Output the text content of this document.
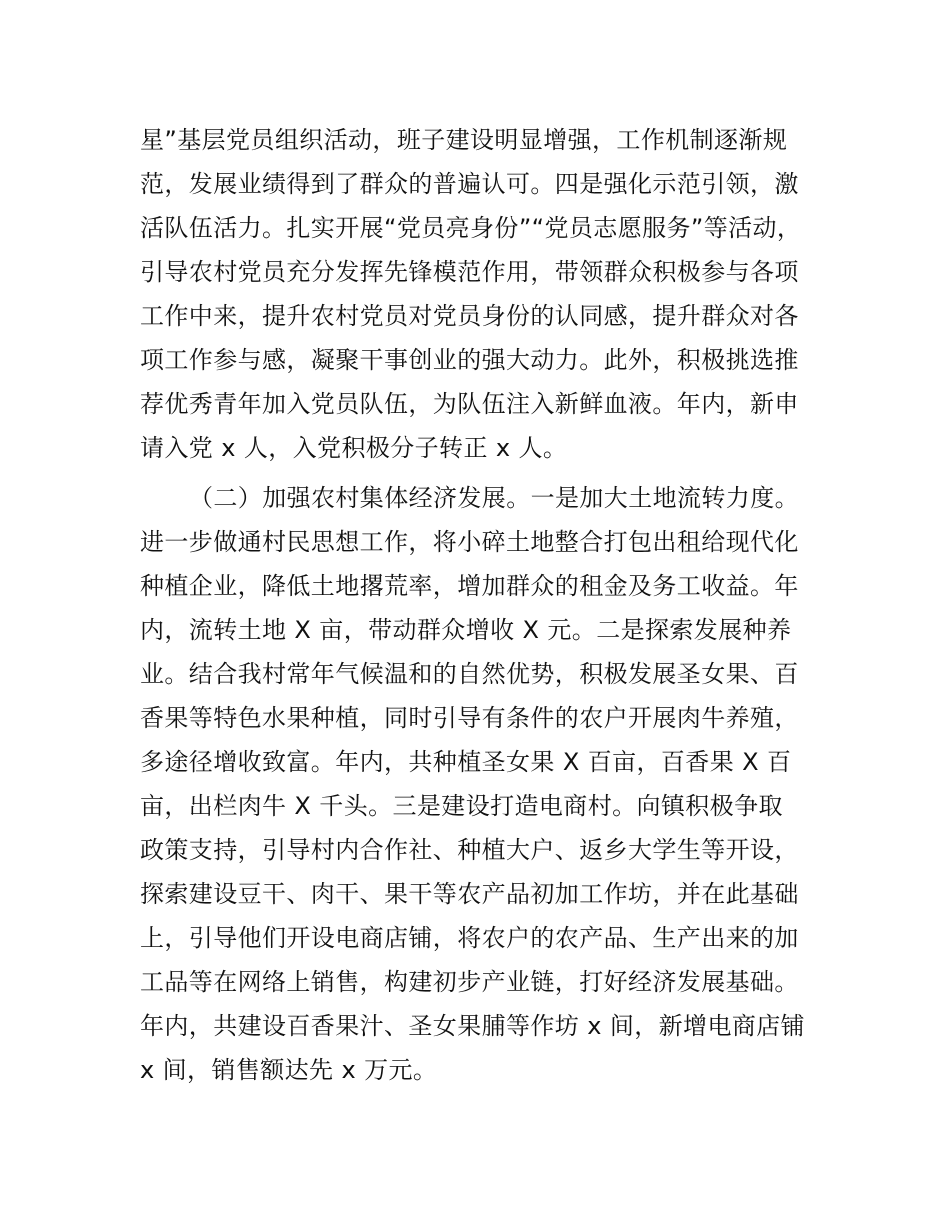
星”基层党员组织活动，班子建设明显增强，工作机制逐渐规
范，发展业绩得到了群众的普遍认可。四是强化示范引领，激
活队伍活力。扎实开展“党员亮身份”“党员志愿服务”等活动，
引导农村党员充分发挥先锋模范作用，带领群众积极参与各项
工作中来，提升农村党员对党员身份的认同感，提升群众对各
项工作参与感，凝聚干事创业的强大动力。此外，积极挑选推
荐优秀青年加入党员队伍，为队伍注入新鲜血液。年内，新申
请入党 x 人，入党积极分子转正 x 人。
（二）加强农村集体经济发展。一是加大土地流转力度。
进一步做通村民思想工作，将小碎土地整合打包出租给现代化
种植企业，降低土地撂荒率，增加群众的租金及务工收益。年
内，流转土地 X 亩，带动群众增收 X 元。二是探索发展种养
业。结合我村常年气候温和的自然优势，积极发展圣女果、百
香果等特色水果种植，同时引导有条件的农户开展肉牛养殖，
多途径增收致富。年内，共种植圣女果 X 百亩，百香果 X 百
亩，出栏肉牛 X 千头。三是建设打造电商村。向镇积极争取
政策支持，引导村内合作社、种植大户、返乡大学生等开设，
探索建设豆干、肉干、果干等农产品初加工作坊，并在此基础
上，引导他们开设电商店铺，将农户的农产品、生产出来的加
工品等在网络上销售，构建初步产业链，打好经济发展基础。
年内，共建设百香果汁、圣女果脯等作坊 x 间，新增电商店铺
x 间，销售额达先 x 万元。
